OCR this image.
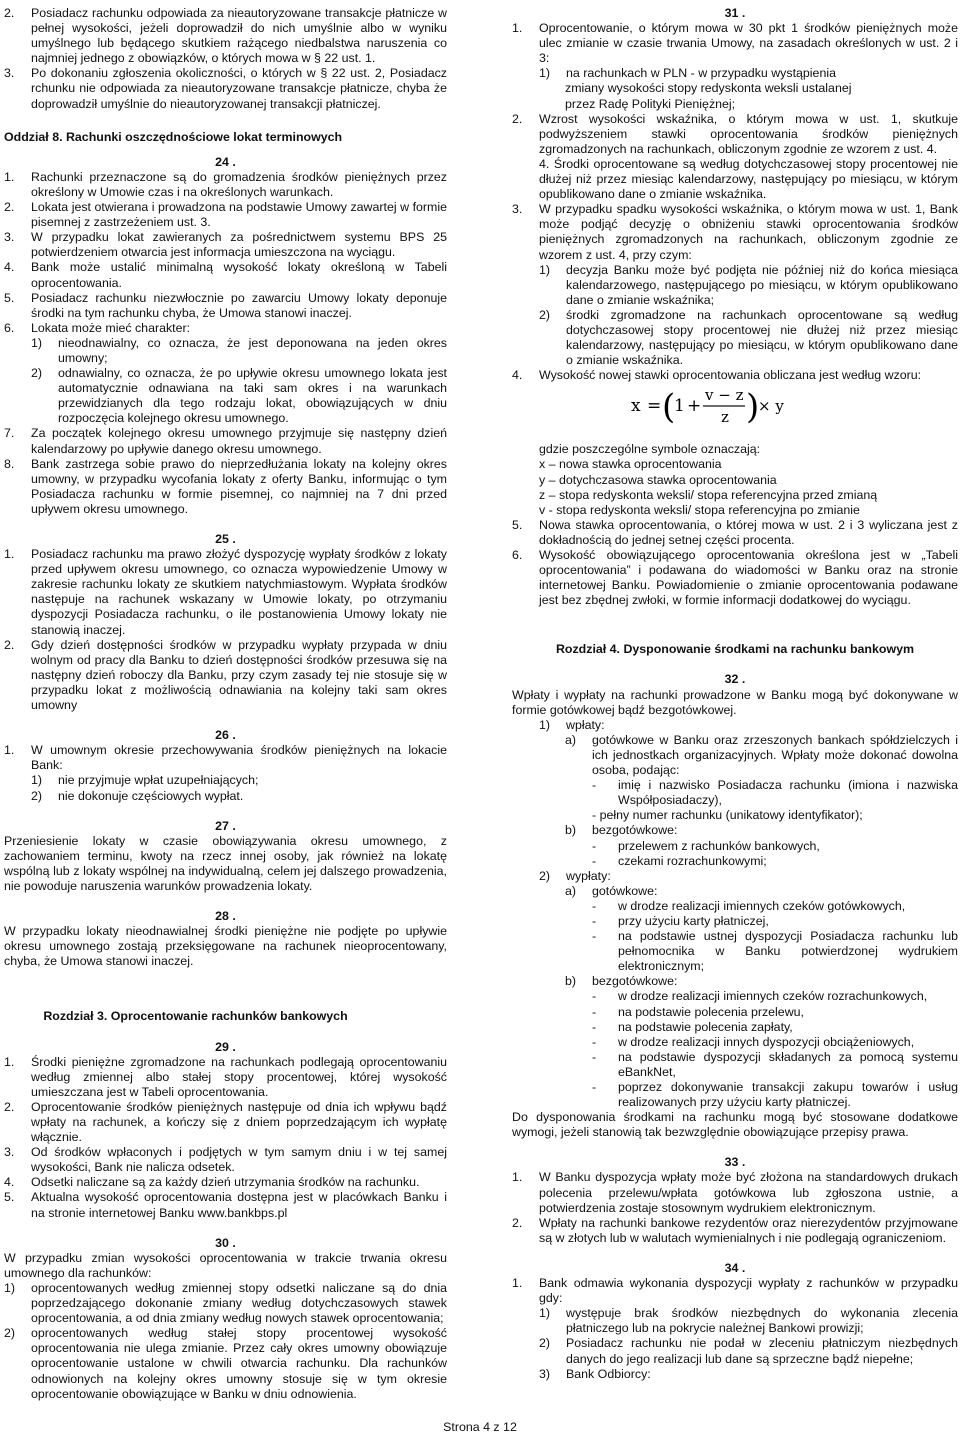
2.	Posiadacz rachunku odpowiada za nieautoryzowane transakcje płatnicze w pełnej wysokości, jeżeli doprowadził do nich umyślnie albo w wyniku umyślnego lub będącego skutkiem rażącego niedbalstwa naruszenia co najmniej jednego z obowiązków, o których mowa w § 22 ust. 1.
3.	Po dokonaniu zgłoszenia okoliczności, o których w § 22 ust. 2, Posiadacz rchunku nie odpowiada za nieautoryzowane transakcje płatnicze, chyba że doprowadził umyślnie do nieautoryzowanej transakcji płatniczej.
Oddział 8. Rachunki oszczędnościowe lokat terminowych
24 .
1.	Rachunki przeznaczone są do gromadzenia środków pieniężnych przez określony w Umowie czas i na określonych warunkach.
2.	Lokata jest otwierana i prowadzona na podstawie Umowy zawartej w formie pisemnej z zastrzeżeniem ust. 3.
3.	W przypadku lokat zawieranych za pośrednictwem systemu BPS 25 potwierdzeniem otwarcia jest informacja umieszczona na wyciągu.
4.	Bank może ustalić minimalną wysokość lokaty określoną w Tabeli oprocentowania.
5.	Posiadacz rachunku niezwłocznie po zawarciu Umowy lokaty deponuje środki na tym rachunku chyba, że Umowa stanowi inaczej.
6.	Lokata może mieć charakter:
1)	nieodnawialny, co oznacza, że jest deponowana na jeden okres umowny;
2)	odnawialny, co oznacza, że po upływie okresu umownego lokata jest automatycznie odnawiana na taki sam okres i na warunkach przewidzianych dla tego rodzaju lokat, obowiązujących w dniu rozpoczęcia kolejnego okresu umownego.
7.	Za początek kolejnego okresu umownego przyjmuje się następny dzień kalendarzowy po upływie danego okresu umownego.
8.	Bank zastrzega sobie prawo do nieprzedłużania lokaty na kolejny okres umowny, w przypadku wycofania lokaty z oferty Banku, informując o tym Posiadacza rachunku w formie pisemnej, co najmniej na 7 dni przed upływem okresu umownego.
25 .
1.	Posiadacz rachunku ma prawo złożyć dyspozycję wypłaty środków z lokaty przed upływem okresu umownego, co oznacza wypowiedzenie Umowy w zakresie rachunku lokaty ze skutkiem natychmiastowym. Wypłata środków następuje na rachunek wskazany w Umowie lokaty, po otrzymaniu dyspozycji Posiadacza rachunku, o ile postanowienia Umowy lokaty nie stanowią inaczej.
2.	Gdy dzień dostępności środków w przypadku wypłaty przypada w dniu wolnym od pracy dla Banku to dzień dostępności środków przesuwa się na następny dzień roboczy dla Banku, przy czym zasady tej nie stosuje się w przypadku lokat z możliwością odnawiania na kolejny taki sam okres umowny
26 .
1.	W umownym okresie przechowywania środków pieniężnych na lokacie Bank:
1)	nie przyjmuje wpłat uzupełniających;
2)	nie dokonuje częściowych wypłat.
27 .
Przeniesienie lokaty w czasie obowiązywania okresu umownego, z zachowaniem terminu, kwoty na rzecz innej osoby, jak również na lokatę wspólną lub z lokaty wspólnej na indywidualną, celem jej dalszego prowadzenia, nie powoduje naruszenia warunków prowadzenia lokaty.
28 .
W przypadku lokaty nieodnawialnej środki pieniężne nie podjęte po upływie okresu umownego zostają przeksięgowane na rachunek nieoprocentowany, chyba, że Umowa stanowi inaczej.
Rozdział 3. Oprocentowanie rachunków bankowych
29 .
1.	Środki pieniężne zgromadzone na rachunkach podlegają oprocentowaniu według zmiennej albo stałej stopy procentowej, której wysokość umieszczana jest w Tabeli oprocentowania.
2.	Oprocentowanie środków pieniężnych następuje od dnia ich wpływu bądź wpłaty na rachunek, a kończy się z dniem poprzedzającym ich wypłatę włącznie.
3.	Od środków wpłaconych i podjętych w tym samym dniu i w tej samej wysokości, Bank nie nalicza odsetek.
4.	Odsetki naliczane są za każdy dzień utrzymania środków na rachunku.
5.	Aktualna wysokość oprocentowania dostępna jest w placówkach Banku i na stronie internetowej Banku www.bankbps.pl
30 .
W przypadku zmian wysokości oprocentowania w trakcie trwania okresu umownego dla rachunków:
1)	oprocentowanych według zmiennej stopy odsetki naliczane są do dnia poprzedzającego dokonanie zmiany według dotychczasowych stawek oprocentowania, a od dnia zmiany według nowych stawek oprocentowania;
2)	oprocentowanych według stałej stopy procentowej wysokość oprocentowania nie ulega zmianie. Przez cały okres umowny obowiązuje oprocentowanie ustalone w chwili otwarcia rachunku. Dla rachunków odnowionych na kolejny okres umowny stosuje się w tym okresie oprocentowanie obowiązujące w Banku w dniu odnowienia.
31 .
1.	Oprocentowanie, o którym mowa w 30 pkt 1 środków pieniężnych może ulec zmianie w czasie trwania Umowy, na zasadach określonych w ust. 2 i 3:
1)	na rachunkach w PLN - w przypadku wystąpienia
zmiany wysokości stopy redyskonta weksli ustalanej
przez Radę Polityki Pieniężnej;
2.	Wzrost wysokości wskaźnika, o którym mowa w ust. 1, skutkuje podwyższeniem stawki oprocentowania środków pieniężnych zgromadzonych na rachunkach, obliczonym zgodnie ze wzorem z ust. 4.
4. Środki oprocentowane są według dotychczasowej stopy procentowej nie dłużej niż przez miesiąc kalendarzowy, następujący po miesiącu, w którym opublikowano dane o zmianie wskaźnika.
3.	W przypadku spadku wysokości wskaźnika, o którym mowa w ust. 1, Bank może podjąć decyzję o obniżeniu stawki oprocentowania środków pieniężnych zgromadzonych na rachunkach, obliczonym zgodnie ze wzorem z ust. 4, przy czym:
1)	decyzja Banku może być podjęta nie później niż do końca miesiąca kalendarzowego, następującego po miesiącu, w którym opublikowano dane o zmianie wskaźnika;
2)	środki zgromadzone na rachunkach oprocentowane są według dotychczasowej stopy procentowej nie dłużej niż przez miesiąc kalendarzowy, następujący po miesiącu, w którym opublikowano dane o zmianie wskaźnika.
4.	Wysokość nowej stawki oprocentowania obliczana jest według wzoru:
x = (
1 +
v − z
z )
× y
gdzie poszczególne symbole oznaczają:
x – nowa stawka oprocentowania
y – dotychczasowa stawka oprocentowania
z – stopa redyskonta weksli/ stopa referencyjna przed zmianą
v - stopa redyskonta weksli/ stopa referencyjna po zmianie
5.	Nowa stawka oprocentowania, o której mowa w ust. 2 i 3 wyliczana jest z dokładnością do jednej setnej części procenta.
6.	Wysokość obowiązującego oprocentowania określona jest w „Tabeli oprocentowania” i podawana do wiadomości w Banku oraz na stronie internetowej Banku. Powiadomienie o zmianie oprocentowania podawane jest bez zbędnej zwłoki, w formie informacji dodatkowej do wyciągu.
Rozdział 4. Dysponowanie środkami na rachunku bankowym
32 .
Wpłaty i wypłaty na rachunki prowadzone w Banku mogą być dokonywane w formie gotówkowej bądź bezgotówkowej.
1)	wpłaty:
a)	gotówkowe w Banku oraz zrzeszonych bankach spółdzielczych i ich jednostkach organizacyjnych. Wpłaty może dokonać dowolna osoba, podając:
-	imię i nazwisko Posiadacza rachunku (imiona i nazwiska Współposiadaczy),
- pełny numer rachunku (unikatowy identyfikator);
b)	bezgotówkowe:
-	przelewem z rachunków bankowych,
-	czekami rozrachunkowymi;
2)	wypłaty:
a)	gotówkowe:
-	w drodze realizacji imiennych czeków gotówkowych,
-	przy użyciu karty płatniczej,
-	na podstawie ustnej dyspozycji Posiadacza rachunku lub pełnomocnika w Banku potwierdzonej wydrukiem elektronicznym;
b)	bezgotówkowe:
-	w drodze realizacji imiennych czeków rozrachunkowych,
-	na podstawie polecenia przelewu,
-	na podstawie polecenia zapłaty,
-	w drodze realizacji innych dyspozycji obciążeniowych,
-	na podstawie dyspozycji składanych za pomocą systemu eBankNet,
-	poprzez dokonywanie transakcji zakupu towarów i usług realizowanych przy użyciu karty płatniczej.
Do dysponowania środkami na rachunku mogą być stosowane dodatkowe wymogi, jeżeli stanowią tak bezwzględnie obowiązujące przepisy prawa.
33 .
1.	W Banku dyspozycja wpłaty może być złożona na standardowych drukach polecenia przelewu/wpłata gotówkowa lub zgłoszona ustnie, a potwierdzenia zostaje stosownym wydrukiem elektronicznym.
2.	Wpłaty na rachunki bankowe rezydentów oraz nierezydentów przyjmowane są w złotych lub w walutach wymienialnych i nie podlegają ograniczeniom.
34 .
1.	Bank odmawia wykonania dyspozycji wypłaty z rachunków w przypadku gdy:
1)	występuje brak środków niezbędnych do wykonania zlecenia płatniczego lub na pokrycie należnej Bankowi prowizji;
2)	Posiadacz rachunku nie podał w zleceniu płatniczym niezbędnych danych do jego realizacji lub dane są sprzeczne bądź niepełne;
3)	Bank Odbiorcy:
Strona 4 z 12
